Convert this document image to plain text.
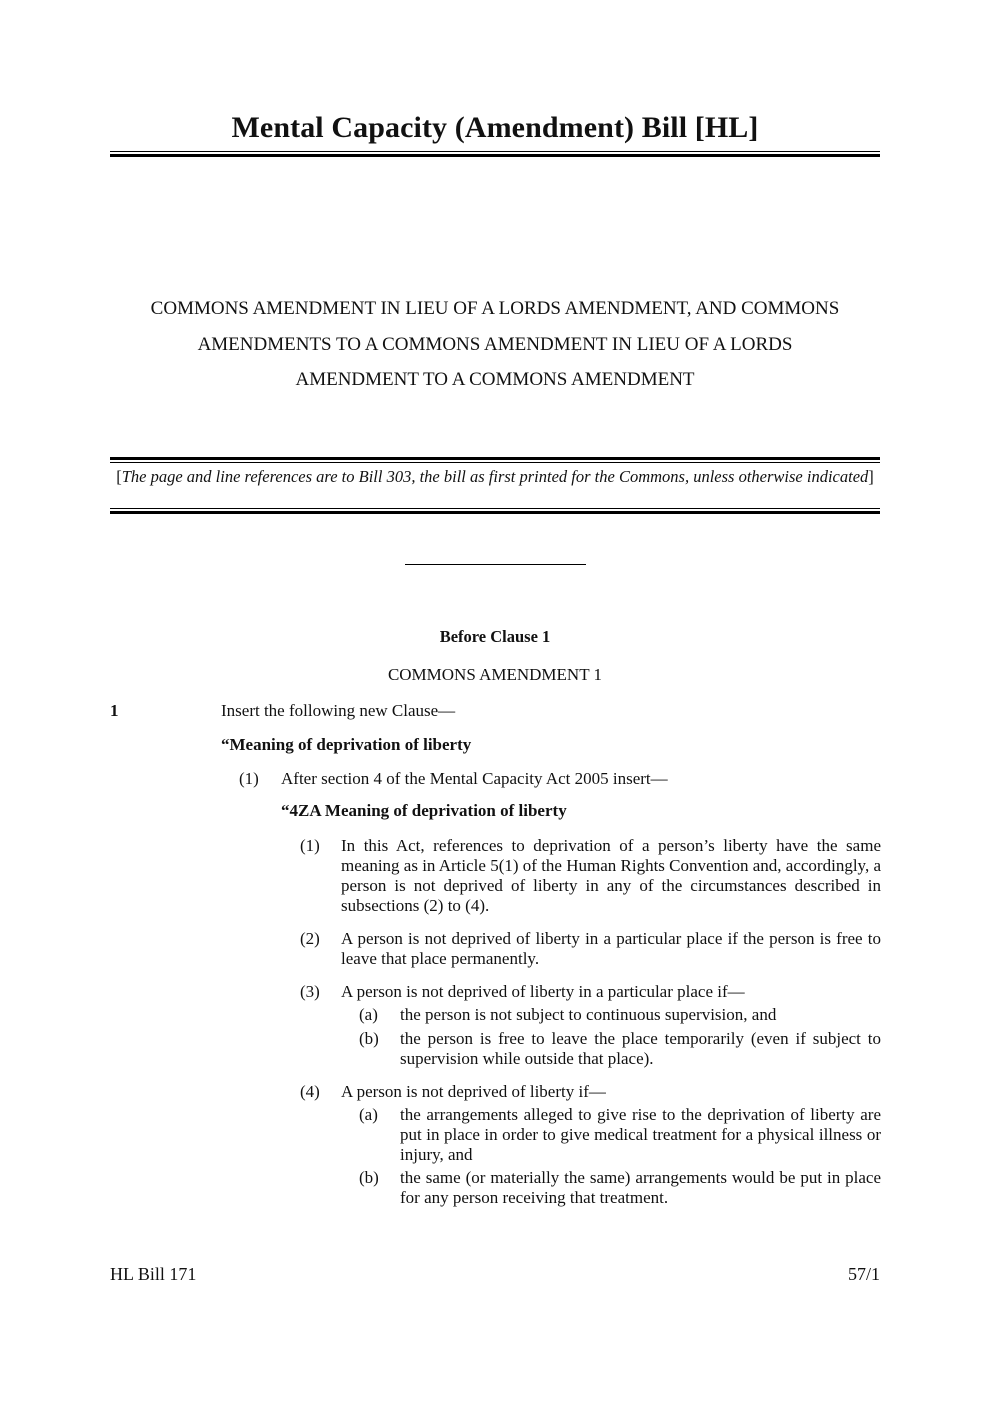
Mental Capacity (Amendment) Bill [HL]
COMMONS AMENDMENT IN LIEU OF A LORDS AMENDMENT, AND COMMONS
AMENDMENTS TO A COMMONS AMENDMENT IN LIEU OF A LORDS
AMENDMENT TO A COMMONS AMENDMENT
[The page and line references are to Bill 303, the bill as first printed for the Commons, unless otherwise indicated]
Before Clause 1
COMMONS AMENDMENT 1
1	Insert the following new Clause—
“Meaning of deprivation of liberty
(1) After section 4 of the Mental Capacity Act 2005 insert—
“4ZA Meaning of deprivation of liberty
(1) In this Act, references to deprivation of a person’s liberty have the same meaning as in Article 5(1) of the Human Rights Convention and, accordingly, a person is not deprived of liberty in any of the circumstances described in subsections (2) to (4).
(2) A person is not deprived of liberty in a particular place if the person is free to leave that place permanently.
(3) A person is not deprived of liberty in a particular place if—
(a) the person is not subject to continuous supervision, and
(b) the person is free to leave the place temporarily (even if subject to supervision while outside that place).
(4) A person is not deprived of liberty if—
(a) the arrangements alleged to give rise to the deprivation of liberty are put in place in order to give medical treatment for a physical illness or injury, and
(b) the same (or materially the same) arrangements would be put in place for any person receiving that treatment.
HL Bill 171	57/1
